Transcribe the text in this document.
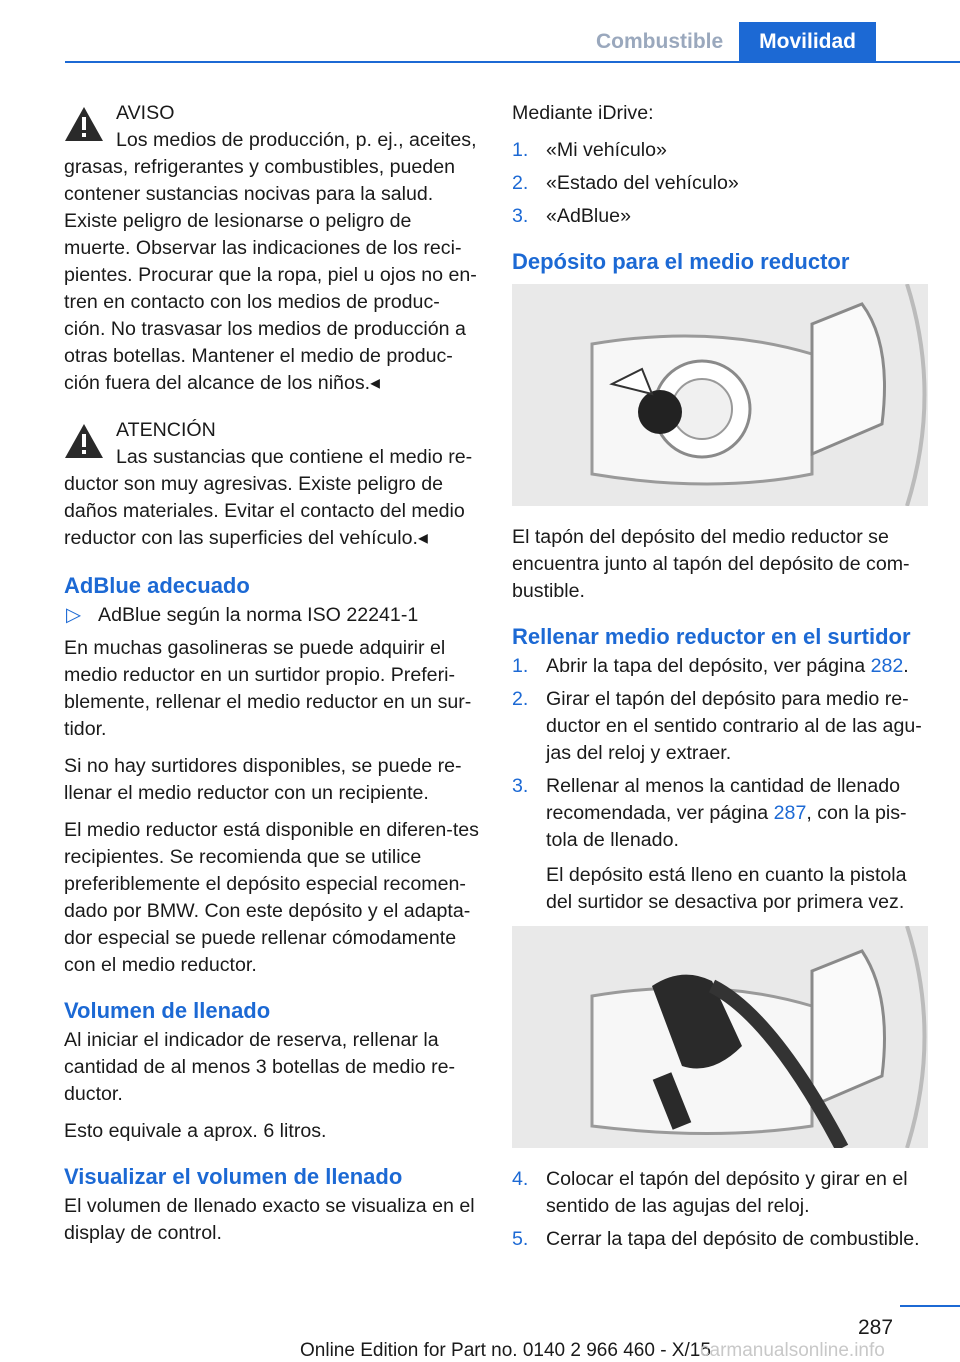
Combustible	Movilidad
AVISO
Los medios de producción, p. ej., aceites, grasas, refrigerantes y combustibles, pueden contener sustancias nocivas para la salud. Existe peligro de lesionarse o peligro de muerte. Observar las indicaciones de los reci-pientes. Procurar que la ropa, piel u ojos no en-tren en contacto con los medios de produc-ción. No trasvasar los medios de producción a otras botellas. Mantener el medio de produc-ción fuera del alcance de los niños.◂
ATENCIÓN
Las sustancias que contiene el medio re-ductor son muy agresivas. Existe peligro de daños materiales. Evitar el contacto del medio reductor con las superficies del vehículo.◂
AdBlue adecuado
▷ AdBlue según la norma ISO 22241-1

En muchas gasolineras se puede adquirir el medio reductor en un surtidor propio. Preferi-blemente, rellenar el medio reductor en un sur-tidor.

Si no hay surtidores disponibles, se puede re-llenar el medio reductor con un recipiente.

El medio reductor está disponible en diferen-tes recipientes. Se recomienda que se utilice preferiblemente el depósito especial recomen-dado por BMW. Con este depósito y el adapta-dor especial se puede rellenar cómodamente con el medio reductor.

Volumen de llenado

Al iniciar el indicador de reserva, rellenar la cantidad de al menos 3 botellas de medio re-ductor.

Esto equivale a aprox. 6 litros.

Visualizar el volumen de llenado

El volumen de llenado exacto se visualiza en el display de control.

Mediante iDrive:

1. «Mi vehículo»
2. «Estado del vehículo»
3. «AdBlue»
Depósito para el medio reductor

El tapón del depósito del medio reductor se encuentra junto al tapón del depósito de com-bustible.

Rellenar medio reductor en el surtidor
1. Abrir la tapa del depósito, ver página 282.
2. Girar el tapón del depósito para medio re-ductor en el sentido contrario al de las agu-jas del reloj y extraer.
3. Rellenar al menos la cantidad de llenado recomendada, ver página 287, con la pis-tola de llenado.
El depósito está lleno en cuanto la pistola del surtidor se desactiva por primera vez.
4. Colocar el tapón del depósito y girar en el sentido de las agujas del reloj.
5. Cerrar la tapa del depósito de combustible.
287
Online Edition for Part no. 0140 2 966 460 - X/15
carmanualsonline.info
